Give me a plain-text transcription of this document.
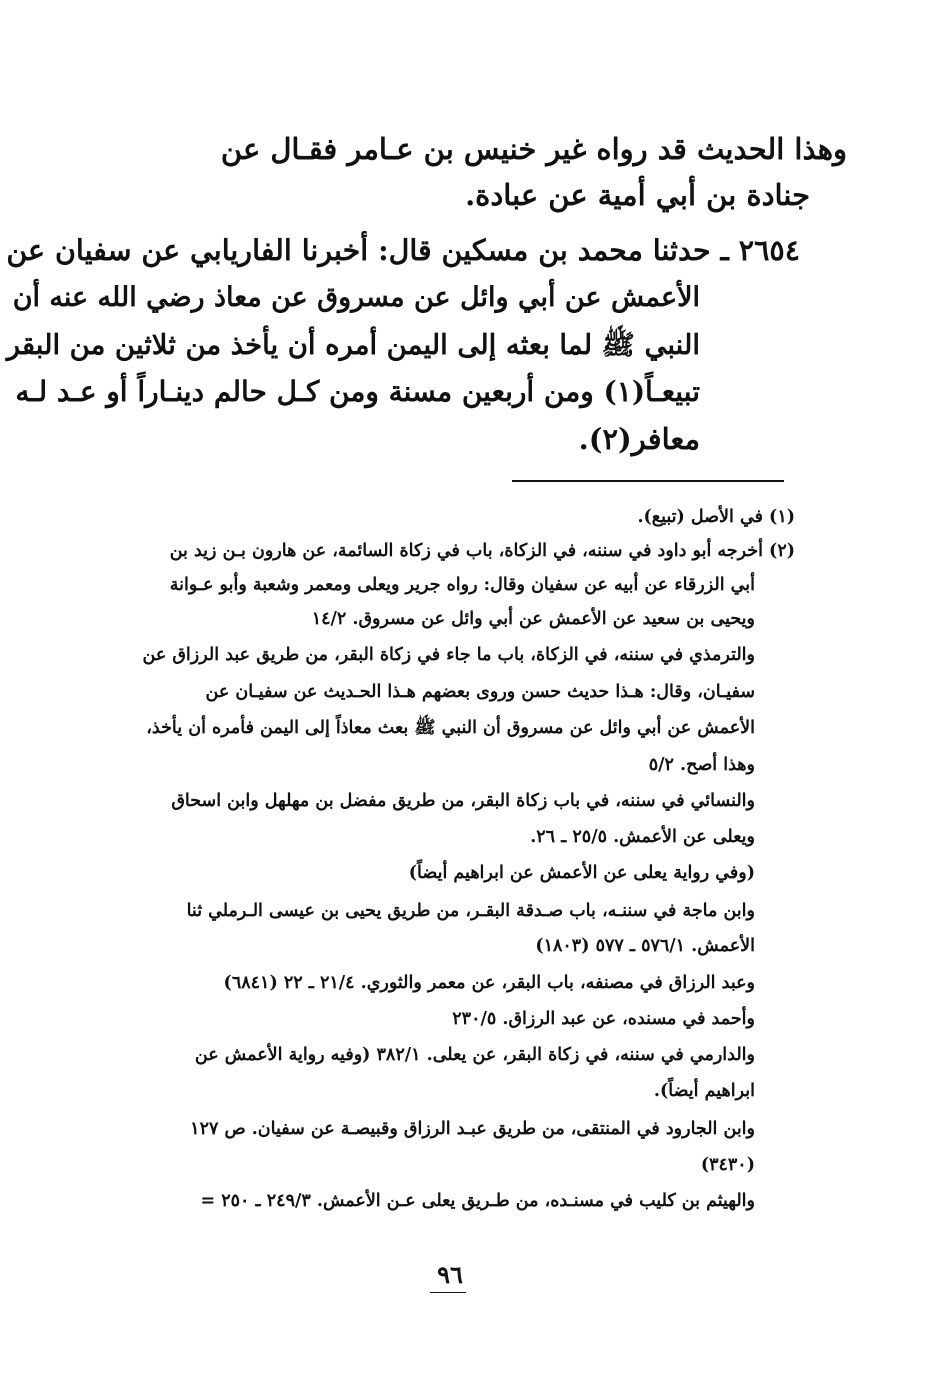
وهذا الحديث قد رواه غير خنيس بن عـامر فقـال عن
جنادة بن أبي أمية عن عبادة.
٢٦٥٤ ـ حدثنا محمد بن مسكين قال: أخبرنا الفاريابي عن سفيان عن
الأعمش عن أبي وائل عن مسروق عن معاذ رضي الله عنه أن
النبي ﷺ لما بعثه إلى اليمن أمره أن يأخذ من ثلاثين من البقر
تبيعـاً(١) ومن أربعين مسنة ومن كـل حالم دينـاراً أو عـد لـه
معافر(٢).
(١) في الأصل (تبيع).
(٢) أخرجه أبو داود في سننه، في الزكاة، باب في زكاة السائمة، عن هارون بـن زيد بن
أبي الزرقاء عن أبيه عن سفيان وقال: رواه جرير ويعلى ومعمر وشعبة وأبو عـوانة
ويحيى بن سعيد عن الأعمش عن أبي وائل عن مسروق. ١٤/٢
والترمذي في سننه، في الزكاة، باب ما جاء في زكاة البقر، من طريق عبد الرزاق عن
سفيـان، وقال: هـذا حديث حسن وروى بعضهم هـذا الحـديث عن سفيـان عن
الأعمش عن أبي وائل عن مسروق أن النبي ﷺ بعث معاذاً إلى اليمن فأمره أن يأخذ،
وهذا أصح. ٥/٢
والنسائي في سننه، في باب زكاة البقر، من طريق مفضل بن مهلهل وابن اسحاق
ويعلى عن الأعمش. ٢٥/٥ ـ ٢٦.
(وفي رواية يعلى عن الأعمش عن ابراهيم أيضاً)
وابن ماجة في سننـه، باب صـدقة البقـر، من طريق يحيى بن عيسى الـرملي ثنا
الأعمش. ٥٧٦/١ ـ ٥٧٧ (١٨٠٣)
وعبد الرزاق في مصنفه، باب البقر، عن معمر والثوري. ٢١/٤ ـ ٢٢ (٦٨٤١)
وأحمد في مسنده، عن عبد الرزاق. ٢٣٠/٥
والدارمي في سننه، في زكاة البقر، عن يعلى. ٣٨٢/١ (وفيه رواية الأعمش عن
ابراهيم أيضاً).
وابن الجارود في المنتقى، من طريق عبـد الرزاق وقبيصـة عن سفيان. ص ١٢٧
(٣٤٣٠)
والهيثم بن كليب في مسنـده، من طـريق يعلى عـن الأعمش. ٢٤٩/٣ ـ ٢٥٠ =
٩٦
